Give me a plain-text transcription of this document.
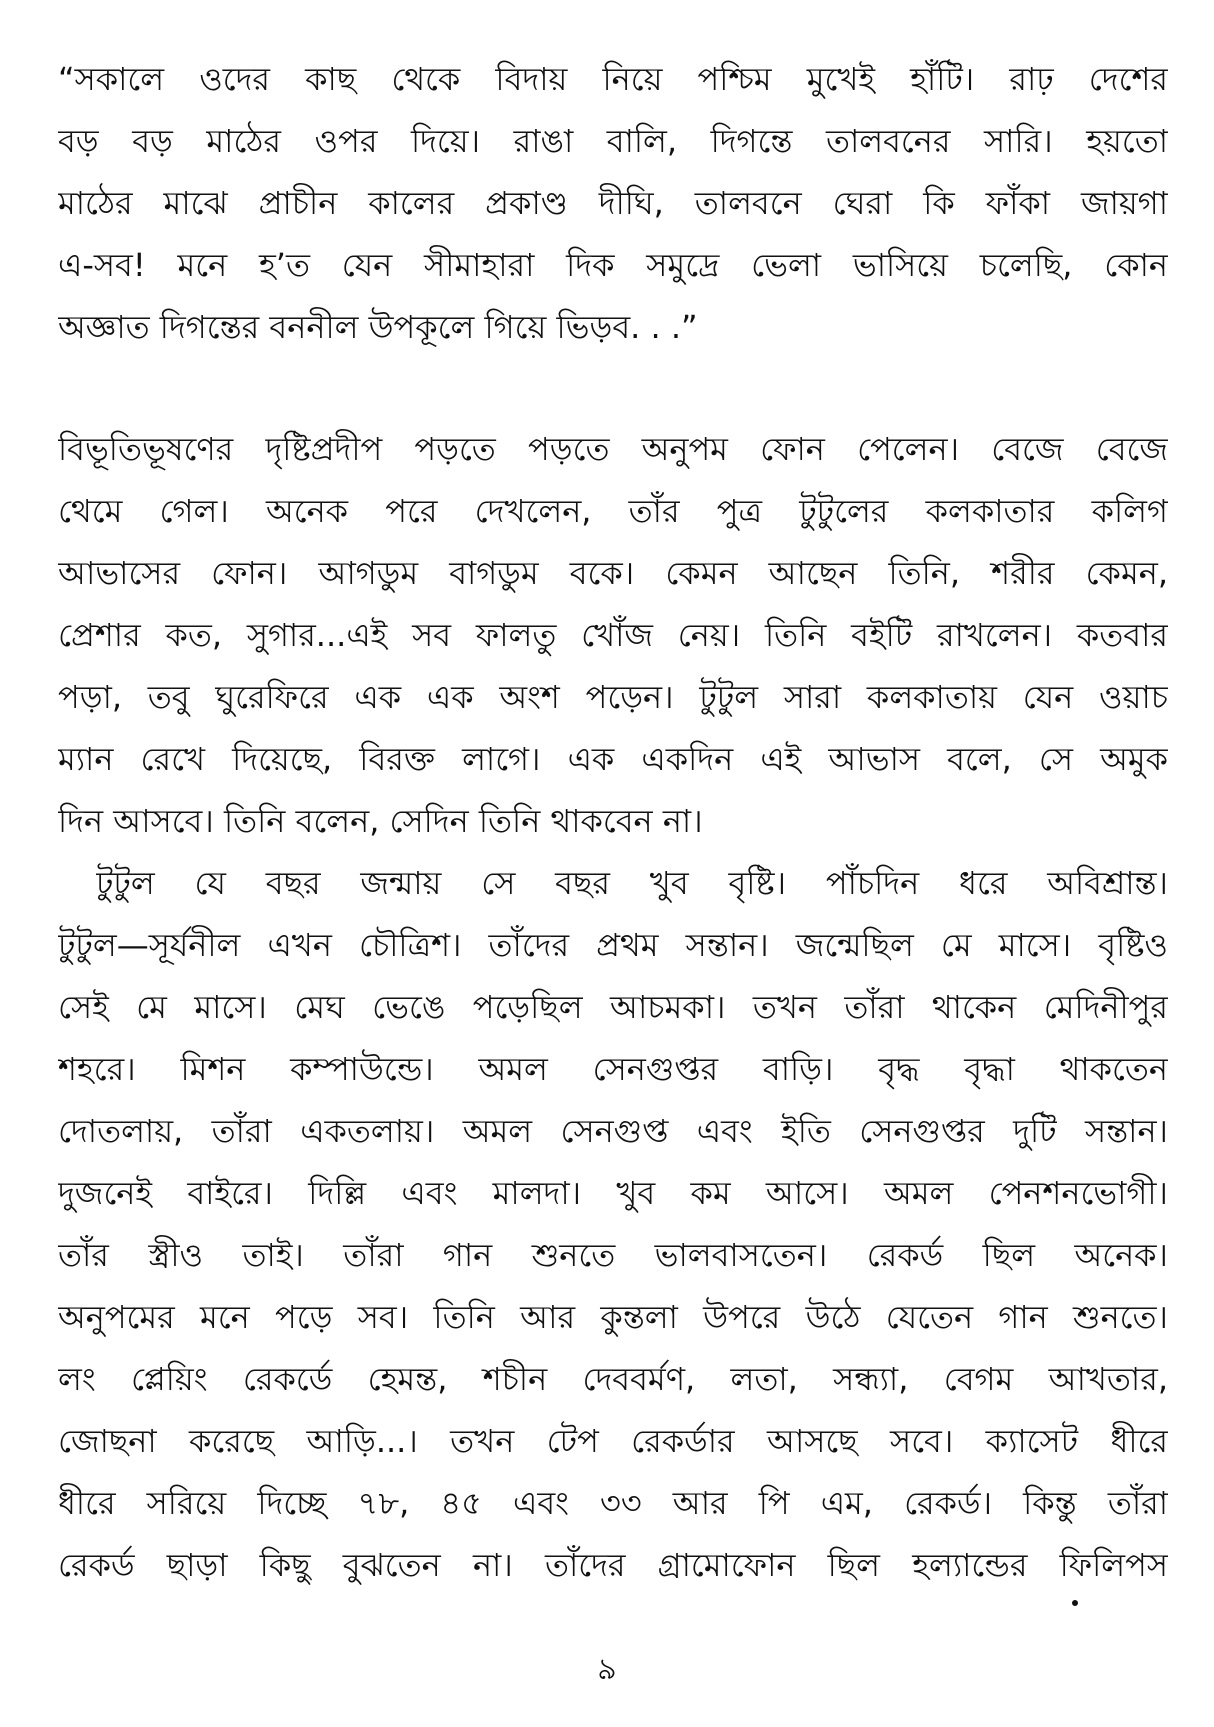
“সকালে ওদের কাছ থেকে বিদায় নিয়ে পশ্চিম মুখেই হাঁটি। রাঢ় দেশের
বড় বড় মাঠের ওপর দিয়ে। রাঙা বালি, দিগন্তে তালবনের সারি। হয়তো
মাঠের মাঝে প্রাচীন কালের প্রকাণ্ড দীঘি, তালবনে ঘেরা কি ফাঁকা জায়গা
এ-সব! মনে হ’ত যেন সীমাহারা দিক সমুদ্রে ভেলা ভাসিয়ে চলেছি, কোন
অজ্ঞাত দিগন্তের বননীল উপকূলে গিয়ে ভিড়ব. . .”
বিভূতিভূষণের দৃষ্টিপ্রদীপ পড়তে পড়তে অনুপম ফোন পেলেন। বেজে বেজে
থেমে গেল। অনেক পরে দেখলেন, তাঁর পুত্র টুটুলের কলকাতার কলিগ
আভাসের ফোন। আগডুম বাগডুম বকে। কেমন আছেন তিনি, শরীর কেমন,
প্রেশার কত, সুগার...এই সব ফালতু খোঁজ নেয়। তিনি বইটি রাখলেন। কতবার
পড়া, তবু ঘুরেফিরে এক এক অংশ পড়েন। টুটুল সারা কলকাতায় যেন ওয়াচ
ম্যান রেখে দিয়েছে, বিরক্ত লাগে। এক একদিন এই আভাস বলে, সে অমুক
দিন আসবে। তিনি বলেন, সেদিন তিনি থাকবেন না।
টুটুল যে বছর জন্মায় সে বছর খুব বৃষ্টি। পাঁচদিন ধরে অবিশ্রান্ত।
টুটুল—সূর্যনীল এখন চৌত্রিশ। তাঁদের প্রথম সন্তান। জন্মেছিল মে মাসে। বৃষ্টিও
সেই মে মাসে। মেঘ ভেঙে পড়েছিল আচমকা। তখন তাঁরা থাকেন মেদিনীপুর
শহরে। মিশন কম্পাউন্ডে। অমল সেনগুপ্তর বাড়ি। বৃদ্ধ বৃদ্ধা থাকতেন
দোতলায়, তাঁরা একতলায়। অমল সেনগুপ্ত এবং ইতি সেনগুপ্তর দুটি সন্তান।
দুজনেই বাইরে। দিল্লি এবং মালদা। খুব কম আসে। অমল পেনশনভোগী।
তাঁর স্ত্রীও তাই। তাঁরা গান শুনতে ভালবাসতেন। রেকর্ড ছিল অনেক।
অনুপমের মনে পড়ে সব। তিনি আর কুন্তলা উপরে উঠে যেতেন গান শুনতে।
লং প্লেয়িং রেকর্ডে হেমন্ত, শচীন দেববর্মণ, লতা, সন্ধ্যা, বেগম আখতার,
জোছনা করেছে আড়ি...। তখন টেপ রেকর্ডার আসছে সবে। ক্যাসেট ধীরে
ধীরে সরিয়ে দিচ্ছে ৭৮, ৪৫ এবং ৩৩ আর পি এম, রেকর্ড। কিন্তু তাঁরা
রেকর্ড ছাড়া কিছু বুঝতেন না। তাঁদের গ্রামোফোন ছিল হল্যান্ডের ফিলিপস
৯
